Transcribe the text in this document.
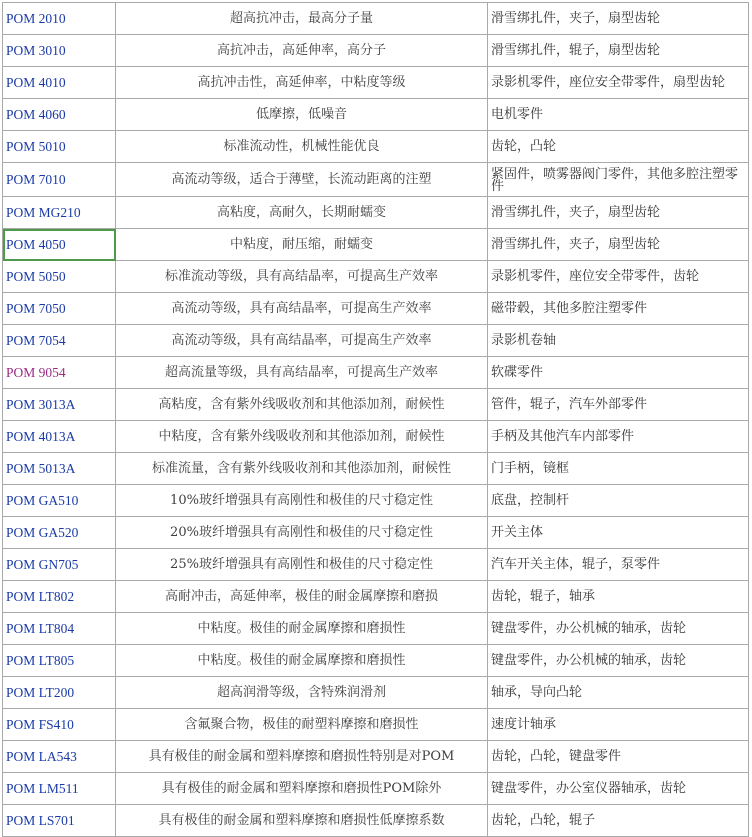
POM 2010	超高抗冲击，最高分子量	滑雪绑扎件，夹子，扇型齿轮
POM 3010	高抗冲击，高延伸率，高分子	滑雪绑扎件，辊子，扇型齿轮
POM 4010	高抗冲击性，高延伸率，中粘度等级	录影机零件，座位安全带零件，扇型齿轮
POM 4060	低摩擦，低噪音	电机零件
POM 5010	标准流动性，机械性能优良	齿轮，凸轮
POM 7010	高流动等级，适合于薄壁，长流动距离的注塑	紧固件，喷雾器阀门零件，其他多腔注塑零件
POM MG210	高粘度，高耐久，长期耐蠕变	滑雪绑扎件，夹子，扇型齿轮
POM 4050	中粘度，耐压缩，耐蠕变	滑雪绑扎件，夹子，扇型齿轮
POM 5050	标准流动等级，具有高结晶率，可提高生产效率	录影机零件，座位安全带零件，齿轮
POM 7050	高流动等级，具有高结晶率，可提高生产效率	磁带毂，其他多腔注塑零件
POM 7054	高流动等级，具有高结晶率，可提高生产效率	录影机卷轴
POM 9054	超高流量等级，具有高结晶率，可提高生产效率	软碟零件
POM 3013A	高粘度，含有紫外线吸收剂和其他添加剂，耐候性	管件，辊子，汽车外部零件
POM 4013A	中粘度，含有紫外线吸收剂和其他添加剂，耐候性	手柄及其他汽车内部零件
POM 5013A	标准流量，含有紫外线吸收剂和其他添加剂，耐候性	门手柄，镜框
POM GA510	10%玻纤增强具有高刚性和极佳的尺寸稳定性	底盘，控制杆
POM GA520	20%玻纤增强具有高刚性和极佳的尺寸稳定性	开关主体
POM GN705	25%玻纤增强具有高刚性和极佳的尺寸稳定性	汽车开关主体，辊子，泵零件
POM LT802	高耐冲击，高延伸率，极佳的耐金属摩擦和磨损	齿轮，辊子，轴承
POM LT804	中粘度。极佳的耐金属摩擦和磨损性	键盘零件，办公机械的轴承，齿轮
POM LT805	中粘度。极佳的耐金属摩擦和磨损性	键盘零件，办公机械的轴承，齿轮
POM LT200	超高润滑等级，含特殊润滑剂	轴承，导向凸轮
POM FS410	含氟聚合物，极佳的耐塑料摩擦和磨损性	速度计轴承
POM LA543	具有极佳的耐金属和塑料摩擦和磨损性特别是对POM	齿轮，凸轮，键盘零件
POM LM511	具有极佳的耐金属和塑料摩擦和磨损性POM除外	键盘零件，办公室仪器轴承，齿轮
POM LS701	具有极佳的耐金属和塑料摩擦和磨损性低摩擦系数	齿轮，凸轮，辊子
